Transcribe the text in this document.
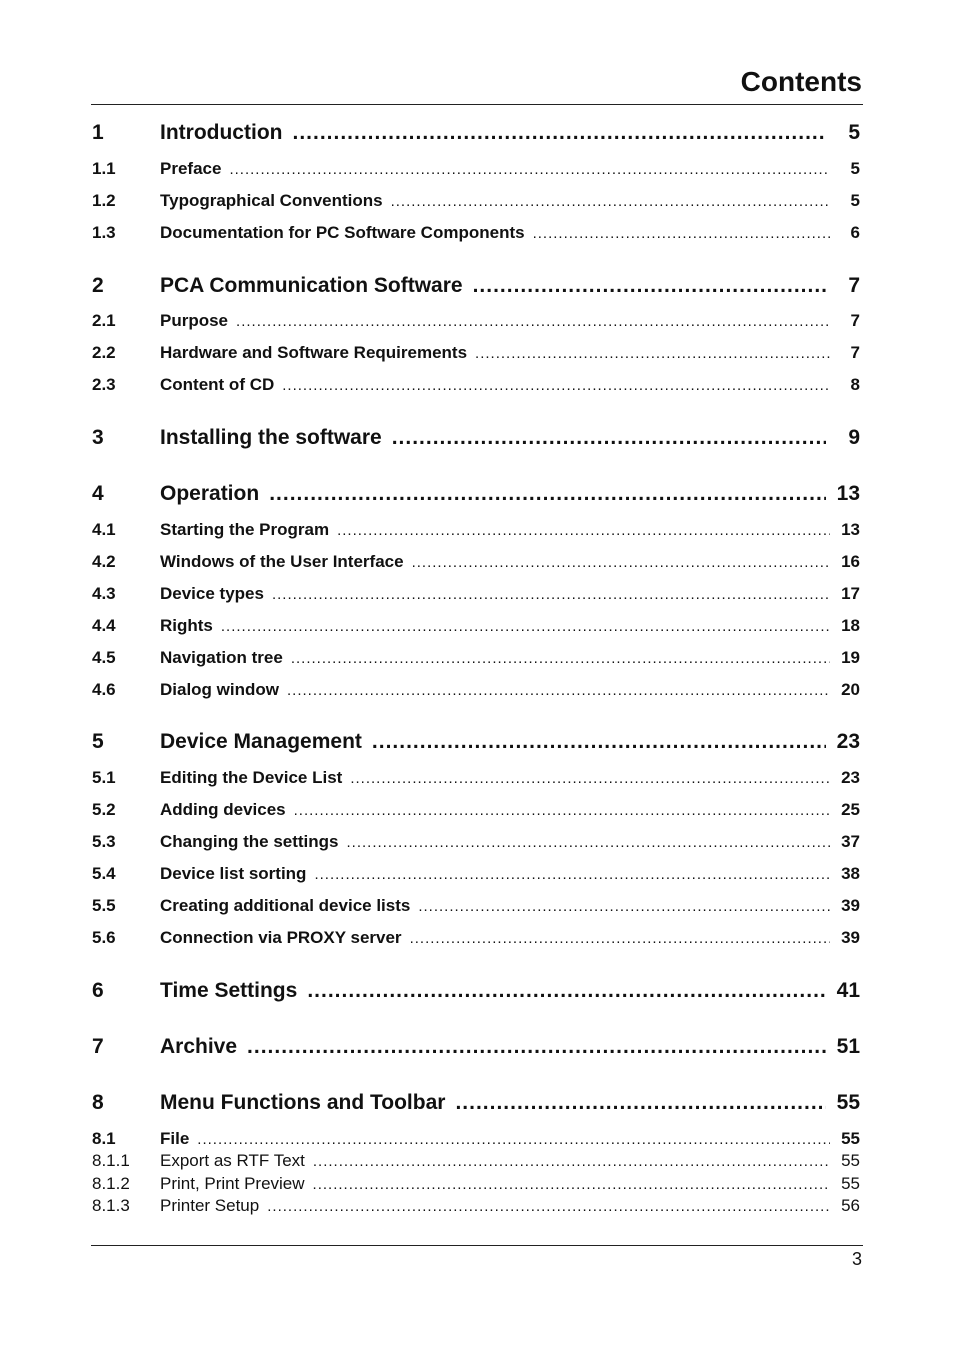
Contents
1	Introduction .....	5
1.1	Preface .....	5
1.2	Typographical Conventions .....	5
1.3	Documentation for PC Software Components .....	6
2	PCA Communication Software .....	7
2.1	Purpose .....	7
2.2	Hardware and Software Requirements .....	7
2.3	Content of CD .....	8
3	Installing the software .....	9
4	Operation .....	13
4.1	Starting the Program .....	13
4.2	Windows of the User Interface .....	16
4.3	Device types .....	17
4.4	Rights .....	18
4.5	Navigation tree .....	19
4.6	Dialog window .....	20
5	Device Management .....	23
5.1	Editing the Device List .....	23
5.2	Adding devices .....	25
5.3	Changing the settings .....	37
5.4	Device list sorting .....	38
5.5	Creating additional device lists .....	39
5.6	Connection via PROXY server .....	39
6	Time Settings .....	41
7	Archive .....	51
8	Menu Functions and Toolbar .....	55
8.1	File .....	55
8.1.1	Export as RTF Text .....	55
8.1.2	Print, Print Preview .....	55
8.1.3	Printer Setup .....	56
3
